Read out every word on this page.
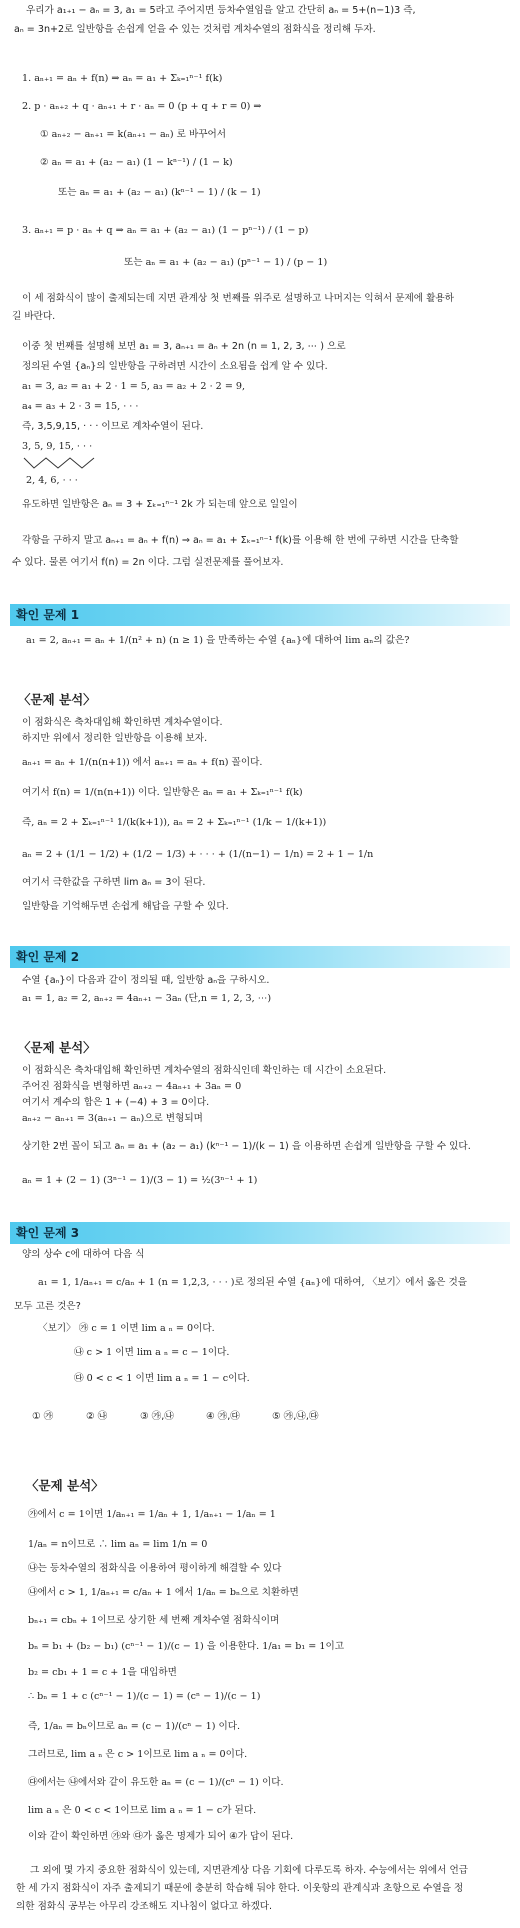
우리가 a₁₊₁ − aₙ = 3, a₁ = 5라고 주어지면 등차수열임을 알고 간단히 aₙ = 5+(n−1)3 즉,
aₙ = 3n+2로 일반항을 손쉽게 얻을 수 있는 것처럼 계차수열의 점화식을 정리해 두자.
1. aₙ₊₁ = aₙ + f(n) ⇒ aₙ = a₁ + Σₖ₌₁ⁿ⁻¹ f(k)
2. p · aₙ₊₂ + q · aₙ₊₁ + r · aₙ = 0 (p + q + r = 0) ⇒
① aₙ₊₂ − aₙ₊₁ = k(aₙ₊₁ − aₙ) 로 바꾸어서
② aₙ = a₁ + (a₂ − a₁) (1 − kⁿ⁻¹) / (1 − k)
또는 aₙ = a₁ + (a₂ − a₁) (kⁿ⁻¹ − 1) / (k − 1)
3. aₙ₊₁ = p · aₙ + q ⇒ aₙ = a₁ + (a₂ − a₁) (1 − pⁿ⁻¹) / (1 − p)
또는 aₙ = a₁ + (a₂ − a₁) (pⁿ⁻¹ − 1) / (p − 1)
이 세 점화식이 많이 출제되는데 지면 관계상 첫 번째를 위주로 설명하고 나머지는 익혀서 문제에 활용하
길 바란다.
이중 첫 번째를 설명해 보면 a₁ = 3, aₙ₊₁ = aₙ + 2n (n = 1, 2, 3, ⋯ ) 으로
정의된 수열 {aₙ}의 일반항을 구하려면 시간이 소요됨을 쉽게 알 수 있다.
a₁ = 3, a₂ = a₁ + 2 · 1 = 5, a₃ = a₂ + 2 · 2 = 9,
a₄ = a₃ + 2 · 3 = 15, · · ·
즉, 3,5,9,15, · · · 이므로 계차수열이 된다.
3, 5, 9, 15, · · ·
2, 4, 6, · · ·
유도하면 일반항은 aₙ = 3 + Σₖ₌₁ⁿ⁻¹ 2k 가 되는데 앞으로 일일이
각항을 구하지 말고 aₙ₊₁ = aₙ + f(n) ⇒ aₙ = a₁ + Σₖ₌₁ⁿ⁻¹ f(k)를 이용해 한 번에 구하면 시간을 단축할
수 있다. 물론 여기서 f(n) = 2n 이다. 그럼 실전문제를 풀어보자.
확인 문제 1
a₁ = 2, aₙ₊₁ = aₙ + 1/(n² + n) (n ≥ 1) 을 만족하는 수열 {aₙ}에 대하여 lim aₙ의 값은?
〈문제 분석〉
이 점화식은 축차대입해 확인하면 계차수열이다.
하지만 위에서 정리한 일반항을 이용해 보자.
aₙ₊₁ = aₙ + 1/(n(n+1)) 에서 aₙ₊₁ = aₙ + f(n) 꼴이다.
여기서 f(n) = 1/(n(n+1)) 이다. 일반항은 aₙ = a₁ + Σₖ₌₁ⁿ⁻¹ f(k)
즉, aₙ = 2 + Σₖ₌₁ⁿ⁻¹ 1/(k(k+1)), aₙ = 2 + Σₖ₌₁ⁿ⁻¹ (1/k − 1/(k+1))
aₙ = 2 + (1/1 − 1/2) + (1/2 − 1/3) + · · · + (1/(n−1) − 1/n) = 2 + 1 − 1/n
여기서 극한값을 구하면 lim aₙ = 3이 된다.
일반항을 기억해두면 손쉽게 해답을 구할 수 있다.
확인 문제 2
수열 {aₙ}이 다음과 같이 정의될 때, 일반항 aₙ을 구하시오.
a₁ = 1, a₂ = 2, aₙ₊₂ = 4aₙ₊₁ − 3aₙ (단,n = 1, 2, 3, ⋯)
〈문제 분석〉
이 점화식은 축차대입해 확인하면 계차수열의 점화식인데 확인하는 데 시간이 소요된다.
주어진 점화식을 변형하면 aₙ₊₂ − 4aₙ₊₁ + 3aₙ = 0
여기서 계수의 합은 1 + (−4) + 3 = 0이다.
aₙ₊₂ − aₙ₊₁ = 3(aₙ₊₁ − aₙ)으로 변형되며
상기한 2번 꼴이 되고 aₙ = a₁ + (a₂ − a₁) (kⁿ⁻¹ − 1)/(k − 1) 을 이용하면 손쉽게 일반항을 구할 수 있다.
aₙ = 1 + (2 − 1) (3ⁿ⁻¹ − 1)/(3 − 1) = ½(3ⁿ⁻¹ + 1)
확인 문제 3
양의 상수 c에 대하여 다음 식
a₁ = 1, 1/aₙ₊₁ = c/aₙ + 1 (n = 1,2,3, · · · )로 정의된 수열 {aₙ}에 대하여, 〈보기〉에서 옳은 것을
모두 고른 것은?
〈보기〉 ㉮ c = 1 이면 lim a ₙ = 0이다.
㉯ c > 1 이면 lim a ₙ = c − 1이다.
㉰ 0 < c < 1 이면 lim a ₙ = 1 − c이다.
① ㉮	② ㉯	③ ㉮,㉯	④ ㉮,㉰	⑤ ㉮,㉯,㉰
〈문제 분석〉
㉮에서 c = 1이면 1/aₙ₊₁ = 1/aₙ + 1, 1/aₙ₊₁ − 1/aₙ = 1
1/aₙ = n이므로 ∴ lim aₙ = lim 1/n = 0
㉯는 등차수열의 점화식을 이용하여 평이하게 해결할 수 있다
㉯에서 c > 1, 1/aₙ₊₁ = c/aₙ + 1 에서 1/aₙ = bₙ으로 치환하면
bₙ₊₁ = cbₙ + 1이므로 상기한 세 번째 계차수열 점화식이며
bₙ = b₁ + (b₂ − b₁) (cⁿ⁻¹ − 1)/(c − 1) 을 이용한다. 1/a₁ = b₁ = 1이고
b₂ = cb₁ + 1 = c + 1을 대입하면
∴ bₙ = 1 + c (cⁿ⁻¹ − 1)/(c − 1) = (cⁿ − 1)/(c − 1)
즉, 1/aₙ = bₙ이므로 aₙ = (c − 1)/(cⁿ − 1) 이다.
그러므로, lim a ₙ 은 c > 1이므로 lim a ₙ = 0이다.
㉰에서는 ㉯에서와 같이 유도한 aₙ = (c − 1)/(cⁿ − 1) 이다.
lim a ₙ 은 0 < c < 1이므로 lim a ₙ = 1 − c가 된다.
이와 같이 확인하면 ㉮와 ㉰가 옳은 명제가 되어 ④가 답이 된다.
그 외에 몇 가지 중요한 점화식이 있는데, 지면관계상 다음 기회에 다루도록 하자. 수능에서는 위에서 언급
한 세 가지 점화식이 자주 출제되기 때문에 충분히 학습해 둬야 한다. 이웃항의 관계식과 초항으로 수열을 정
의한 점화식 공부는 아무리 강조해도 지나침이 없다고 하겠다.
